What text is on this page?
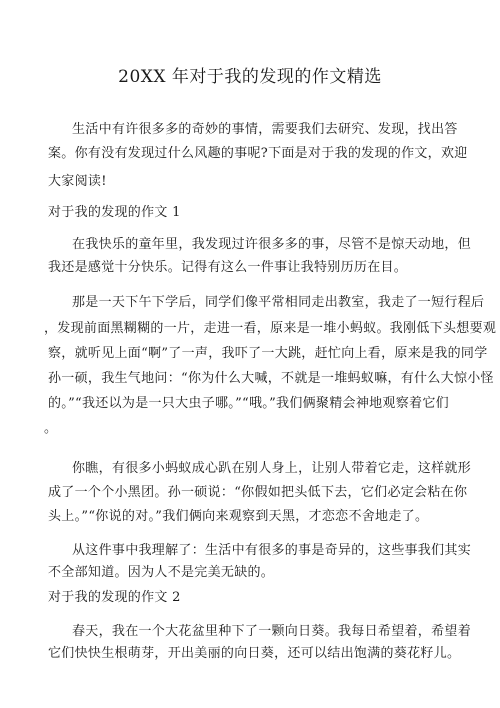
20XX 年对于我的发现的作文精选
生活中有许很多多的奇妙的事情，需要我们去研究、发现，找出答
案。你有没有发现过什么风趣的事呢?下面是对于我的发现的作文，欢迎
大家阅读!
对于我的发现的作文 1
在我快乐的童年里，我发现过许很多多的事，尽管不是惊天动地，但
我还是感觉十分快乐。记得有这么一件事让我特别历历在目。
那是一天下午下学后，同学们像平常相同走出教室，我走了一短行程后
，发现前面黑糊糊的一片，走进一看，原来是一堆小蚂蚁。我刚低下头想要观
察，就听见上面“啊”了一声，我吓了一大跳，赶忙向上看，原来是我的同学
孙一硕，我生气地问：“你为什么大喊，不就是一堆蚂蚁嘛，有什么大惊小怪
的。”“我还以为是一只大虫子哪。”“哦。”我们俩聚精会神地观察着它们
。
你瞧，有很多小蚂蚁成心趴在别人身上，让别人带着它走，这样就形
成了一个个小黑团。孙一硕说：“你假如把头低下去，它们必定会粘在你
头上。”“你说的对。”我们俩向来观察到天黑，才恋恋不舍地走了。
从这件事中我理解了：生活中有很多的事是奇异的，这些事我们其实
不全部知道。因为人不是完美无缺的。
对于我的发现的作文 2
春天，我在一个大花盆里种下了一颗向日葵。我每日希望着，希望着
它们快快生根萌芽，开出美丽的向日葵，还可以结出饱满的葵花籽儿。
